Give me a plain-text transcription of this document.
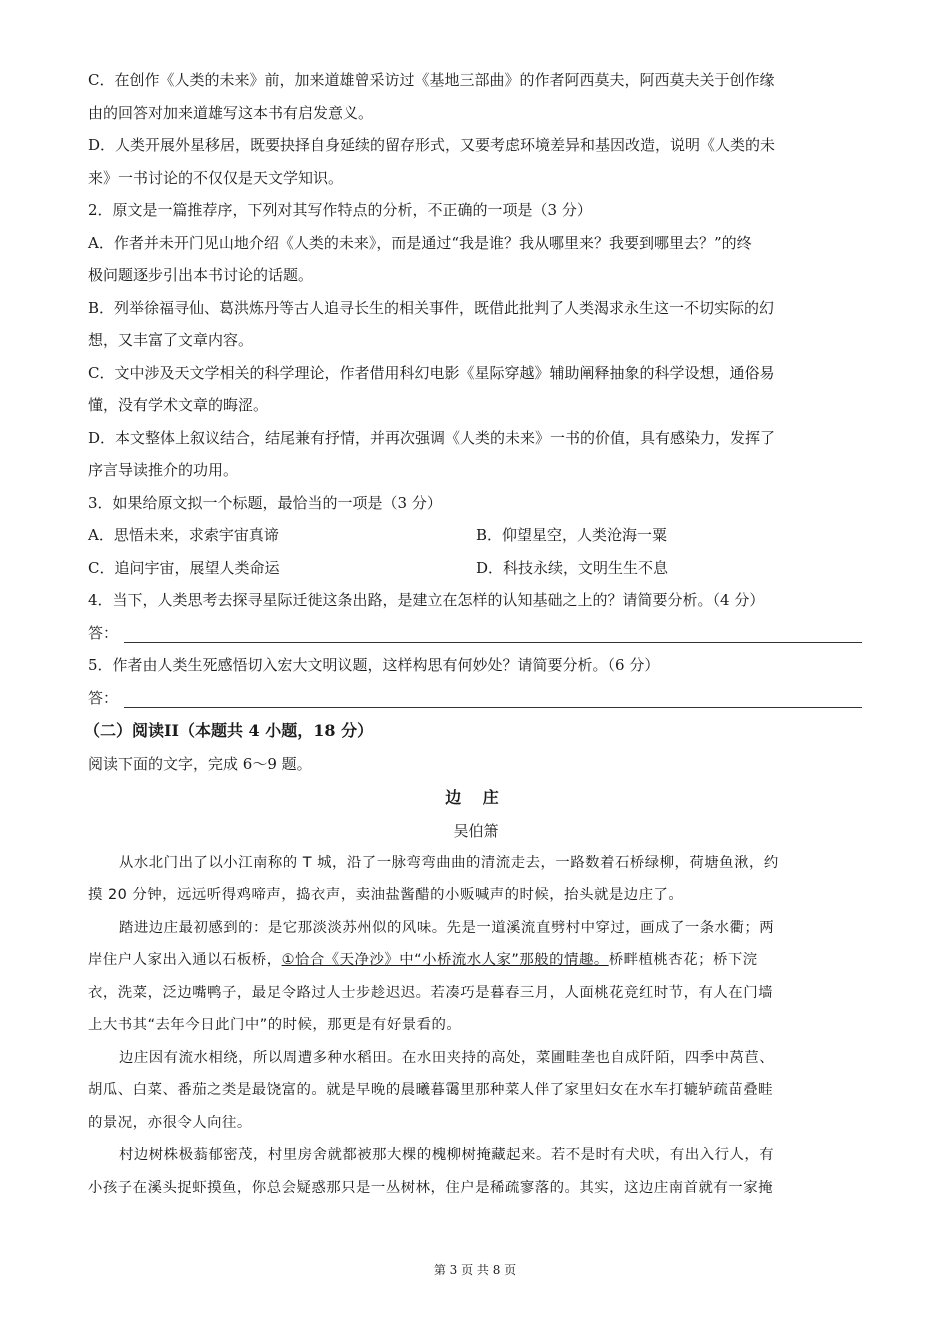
C．在创作《人类的未来》前，加来道雄曾采访过《基地三部曲》的作者阿西莫夫，阿西莫夫关于创作缘

由的回答对加来道雄写这本书有启发意义。

D．人类开展外星移居，既要抉择自身延续的留存形式，又要考虑环境差异和基因改造，说明《人类的未

来》一书讨论的不仅仅是天文学知识。

2．原文是一篇推荐序，下列对其写作特点的分析，不正确的一项是（3 分）

A．作者并未开门见山地介绍《人类的未来》，而是通过“我是谁？我从哪里来？我要到哪里去？”的终

极问题逐步引出本书讨论的话题。

B．列举徐福寻仙、葛洪炼丹等古人追寻长生的相关事件，既借此批判了人类渴求永生这一不切实际的幻

想，又丰富了文章内容。

C．文中涉及天文学相关的科学理论，作者借用科幻电影《星际穿越》辅助阐释抽象的科学设想，通俗易

懂，没有学术文章的晦涩。

D．本文整体上叙议结合，结尾兼有抒情，并再次强调《人类的未来》一书的价值，具有感染力，发挥了

序言导读推介的功用。

3．如果给原文拟一个标题，最恰当的一项是（3 分）

A．思悟未来，求索宇宙真谛	B．仰望星空，人类沧海一粟
C．追问宇宙，展望人类命运	D．科技永续，文明生生不息

4．当下，人类思考去探寻星际迁徙这条出路，是建立在怎样的认知基础之上的？请简要分析。（4 分）

答：

5．作者由人类生死感悟切入宏大文明议题，这样构思有何妙处？请简要分析。（6 分）

答：
（二）阅读II（本题共 4 小题，18 分）

阅读下面的文字，完成 6～9 题。

边 庄
吴伯箫

从水北门出了以小江南称的 T 城，沿了一脉弯弯曲曲的清流走去，一路数着石桥绿柳，荷塘鱼湫，约

摸 20 分钟，远远听得鸡啼声，捣衣声，卖油盐酱醋的小贩喊声的时候，抬头就是边庄了。

踏进边庄最初感到的：是它那淡淡苏州似的风味。先是一道溪流直劈村中穿过，画成了一条水衢；两

岸住户人家出入通以石板桥，①恰合《天净沙》中“小桥流水人家”那般的情趣。桥畔植桃杏花；桥下浣

衣，洗菜，泛边嘴鸭子，最足令路过人士步趁迟迟。若凑巧是暮春三月，人面桃花竞红时节，有人在门墙

上大书其“去年今日此门中”的时候，那更是有好景看的。

边庄因有流水相绕，所以周遭多种水稻田。在水田夹持的高处，菜圃畦垄也自成阡陌，四季中莴苣、

胡瓜、白菜、番茄之类是最饶富的。就是早晚的晨曦暮霭里那种菜人伴了家里妇女在水车打辘轳疏苗叠畦

的景况，亦很令人向往。

村边树株极蓊郁密茂，村里房舍就都被那大棵的槐柳树掩藏起来。若不是时有犬吠，有出入行人，有

小孩子在溪头捉虾摸鱼，你总会疑惑那只是一丛树林，住户是稀疏寥落的。其实，这边庄南首就有一家掩

第 3 页 共 8 页
